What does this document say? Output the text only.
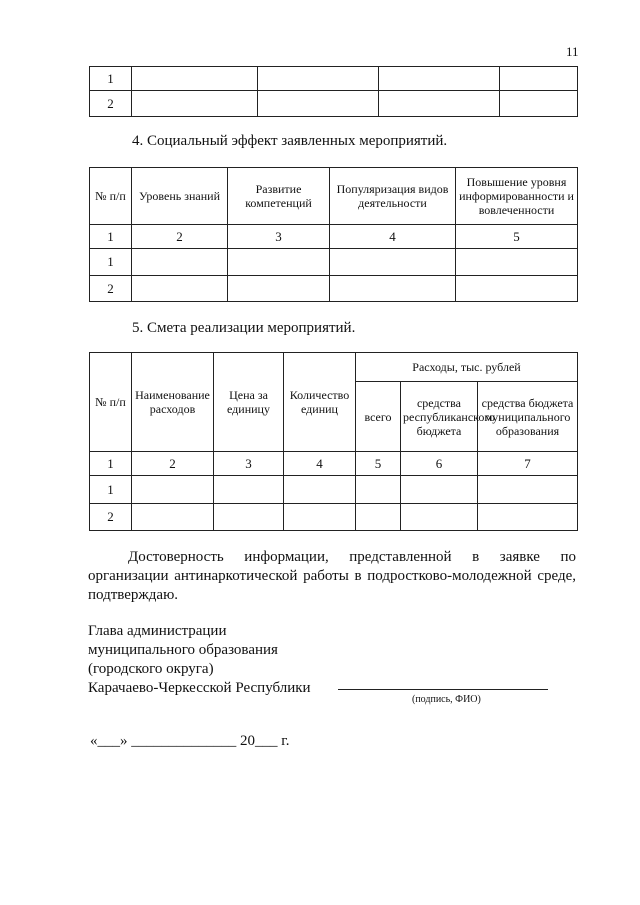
11
1				
2				
4. Социальный эффект заявленных мероприятий.
№ п/п	Уровень знаний	Развитие компетенций	Популяризация видов деятельности	Повышение уровня информированности и вовлеченности
1	2	3	4	5
1				
2				
5. Смета реализации мероприятий.
№ п/п	Наименование расходов	Цена за единицу	Количество единиц	Расходы, тыс. рублей		
				всего	средства республиканского бюджета	средства бюджета муниципального образования
1	2	3	4	5	6	7
1						
2						
Достоверность информации, представленной в заявке по организации антинаркотической работы в подростково-молодежной среде, подтверждаю.
Глава администрации
муниципального образования
(городского округа)
Карачаево-Черкесской Республики
(подпись, ФИО)
«___» ______________ 20___ г.
